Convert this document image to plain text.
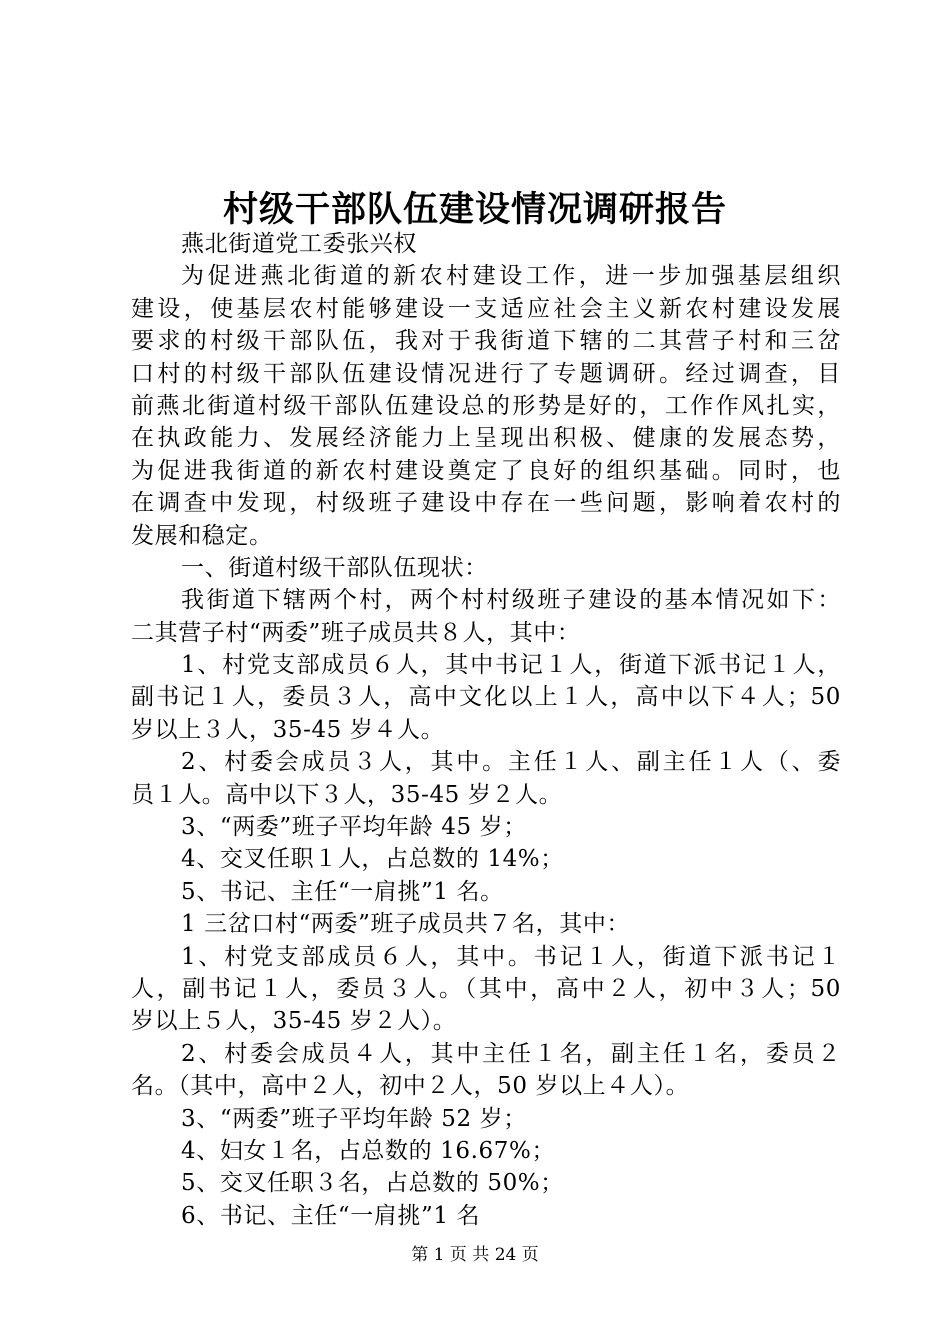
村级干部队伍建设情况调研报告
燕北街道党工委张兴权
为促进燕北街道的新农村建设工作，进一步加强基层组织
建设，使基层农村能够建设一支适应社会主义新农村建设发展
要求的村级干部队伍，我对于我街道下辖的二其营子村和三岔
口村的村级干部队伍建设情况进行了专题调研。经过调查，目
前燕北街道村级干部队伍建设总的形势是好的，工作作风扎实，
在执政能力、发展经济能力上呈现出积极、健康的发展态势，
为促进我街道的新农村建设奠定了良好的组织基础。同时，也
在调查中发现，村级班子建设中存在一些问题，影响着农村的
发展和稳定。
一、街道村级干部队伍现状：
我街道下辖两个村，两个村村级班子建设的基本情况如下：
二其营子村“两委”班子成员共８人，其中：
1、村党支部成员６人，其中书记１人，街道下派书记１人，
副书记１人，委员３人，高中文化以上１人，高中以下４人；50
岁以上３人，35-45 岁４人。
2、村委会成员３人，其中。主任１人、副主任１人（、委
员１人。高中以下３人，35-45 岁２人。
3、“两委”班子平均年龄 45 岁；
4、交叉任职１人，占总数的 14%；
5、书记、主任“一肩挑”1 名。
1 三岔口村“两委”班子成员共７名，其中：
1、村党支部成员６人，其中。书记１人，街道下派书记１
人，副书记１人，委员３人。（其中，高中２人，初中３人；50
岁以上５人，35-45 岁２人）。
2、村委会成员４人，其中主任１名，副主任１名，委员２
名。（其中，高中２人，初中２人，50 岁以上４人）。
3、“两委”班子平均年龄 52 岁；
4、妇女１名，占总数的 16.67%；
5、交叉任职３名，占总数的 50%；
6、书记、主任“一肩挑”1 名
第 1 页 共 24 页
